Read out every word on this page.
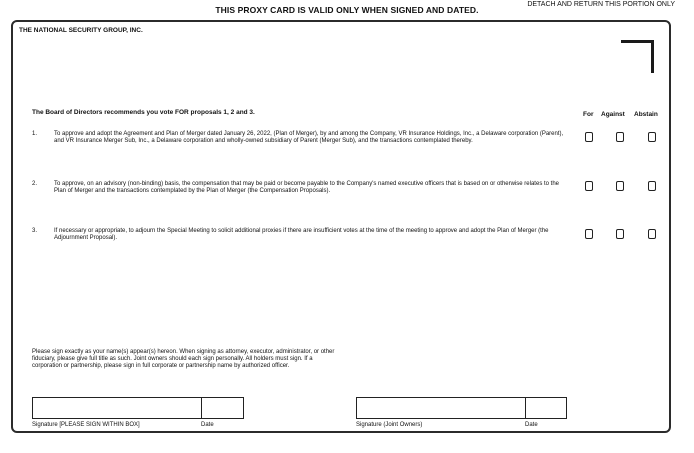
THIS PROXY CARD IS VALID ONLY WHEN SIGNED AND DATED.
DETACH AND RETURN THIS PORTION ONLY
THE NATIONAL SECURITY GROUP, INC.
The Board of Directors recommends you vote FOR proposals 1, 2 and 3.	For Against Abstain
1.	To approve and adopt the Agreement and Plan of Merger dated January 26, 2022, (Plan of Merger), by and among the Company, VR Insurance Holdings, Inc., a Delaware corporation (Parent), and VR Insurance Merger Sub, Inc., a Delaware corporation and wholly-owned subsidiary of Parent (Merger Sub), and the transactions contemplated thereby.
2.	To approve, on an advisory (non-binding) basis, the compensation that may be paid or become payable to the Company's named executive officers that is based on or otherwise relates to the Plan of Merger and the transactions contemplated by the Plan of Merger (the Compensation Proposals).
3.	If necessary or appropriate, to adjourn the Special Meeting to solicit additional proxies if there are insufficient votes at the time of the meeting to approve and adopt the Plan of Merger (the Adjournment Proposal).
Please sign exactly as your name(s) appear(s) hereon. When signing as attorney, executor, administrator, or other fiduciary, please give full title as such. Joint owners should each sign personally. All holders must sign. If a corporation or partnership, please sign in full corporate or partnership name by authorized officer.
Signature [PLEASE SIGN WITHIN BOX]	Date	Signature (Joint Owners)	Date
